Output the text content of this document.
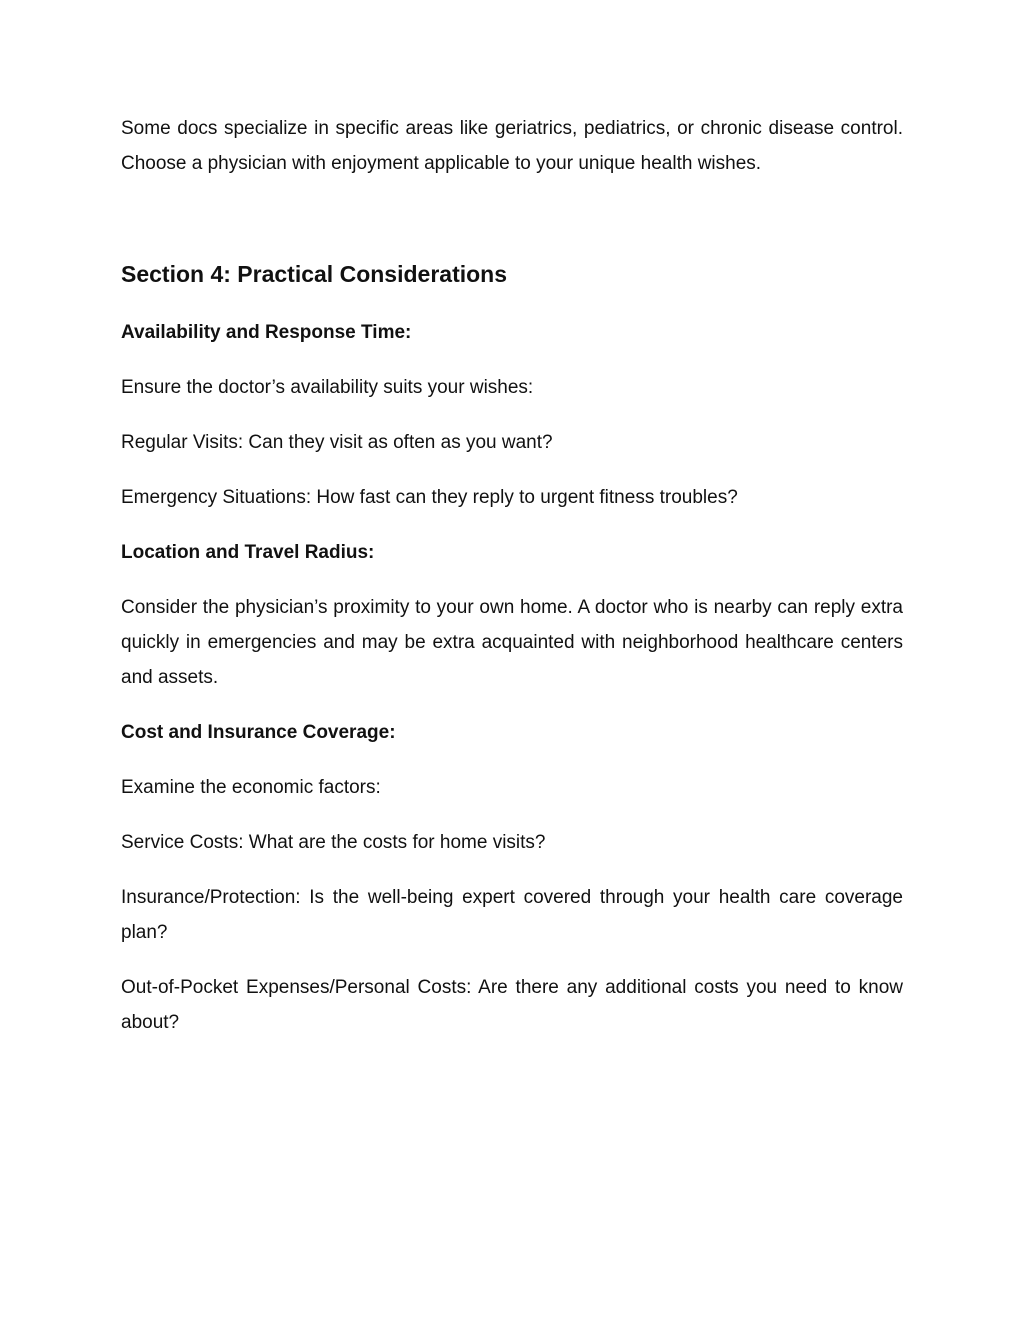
Some docs specialize in specific areas like geriatrics, pediatrics, or chronic disease control. Choose a physician with enjoyment applicable to your unique health wishes.

Section 4: Practical Considerations

Availability and Response Time:

Ensure the doctor’s availability suits your wishes:

Regular Visits: Can they visit as often as you want?

Emergency Situations: How fast can they reply to urgent fitness troubles?

Location and Travel Radius:

Consider the physician’s proximity to your own home. A doctor who is nearby can reply extra quickly in emergencies and may be extra acquainted with neighborhood healthcare centers and assets.

Cost and Insurance Coverage:

Examine the economic factors:

Service Costs: What are the costs for home visits?

Insurance/Protection: Is the well-being expert covered through your health care coverage plan?

Out-of-Pocket Expenses/Personal Costs: Are there any additional costs you need to know about?
